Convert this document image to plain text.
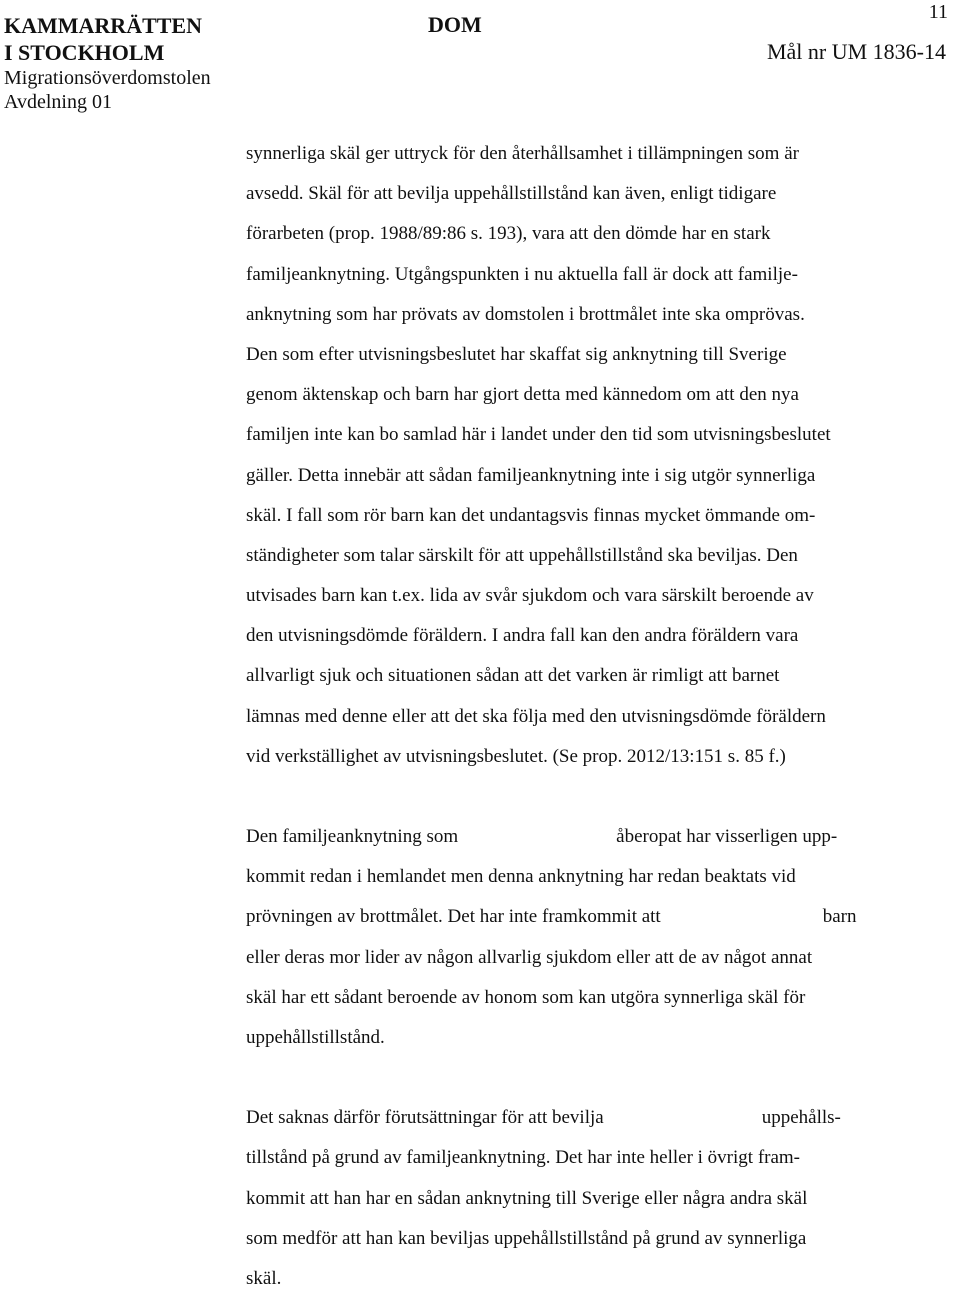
KAMMARRÄTTEN
I STOCKHOLM
Migrationsöverdomstolen
Avdelning 01
DOM	11
Mål nr UM 1836-14

synnerliga skäl ger uttryck för den återhållsamhet i tillämpningen som är
avsedd. Skäl för att bevilja uppehållstillstånd kan även, enligt tidigare
förarbeten (prop. 1988/89:86 s. 193), vara att den dömde har en stark
familjeanknytning. Utgångspunkten i nu aktuella fall är dock att familje-
anknytning som har prövats av domstolen i brottmålet inte ska omprövas.
Den som efter utvisningsbeslutet har skaffat sig anknytning till Sverige
genom äktenskap och barn har gjort detta med kännedom om att den nya
familjen inte kan bo samlad här i landet under den tid som utvisningsbeslutet
gäller. Detta innebär att sådan familjeanknytning inte i sig utgör synnerliga
skäl. I fall som rör barn kan det undantagsvis finnas mycket ömmande om-
ständigheter som talar särskilt för att uppehållstillstånd ska beviljas. Den
utvisades barn kan t.ex. lida av svår sjukdom och vara särskilt beroende av
den utvisningsdömde föräldern. I andra fall kan den andra föräldern vara
allvarligt sjuk och situationen sådan att det varken är rimligt att barnet
lämnas med denne eller att det ska följa med den utvisningsdömde föräldern
vid verkställighet av utvisningsbeslutet. (Se prop. 2012/13:151 s. 85 f.)

Den familjeanknytning som	åberopat har visserligen upp-
kommit redan i hemlandet men denna anknytning har redan beaktats vid
prövningen av brottmålet. Det har inte framkommit att	barn
eller deras mor lider av någon allvarlig sjukdom eller att de av något annat
skäl har ett sådant beroende av honom som kan utgöra synnerliga skäl för
uppehållstillstånd.

Det saknas därför förutsättningar för att bevilja	uppehålls-
tillstånd på grund av familjeanknytning. Det har inte heller i övrigt fram-
kommit att han har en sådan anknytning till Sverige eller några andra skäl
som medför att han kan beviljas uppehållstillstånd på grund av synnerliga
skäl.
